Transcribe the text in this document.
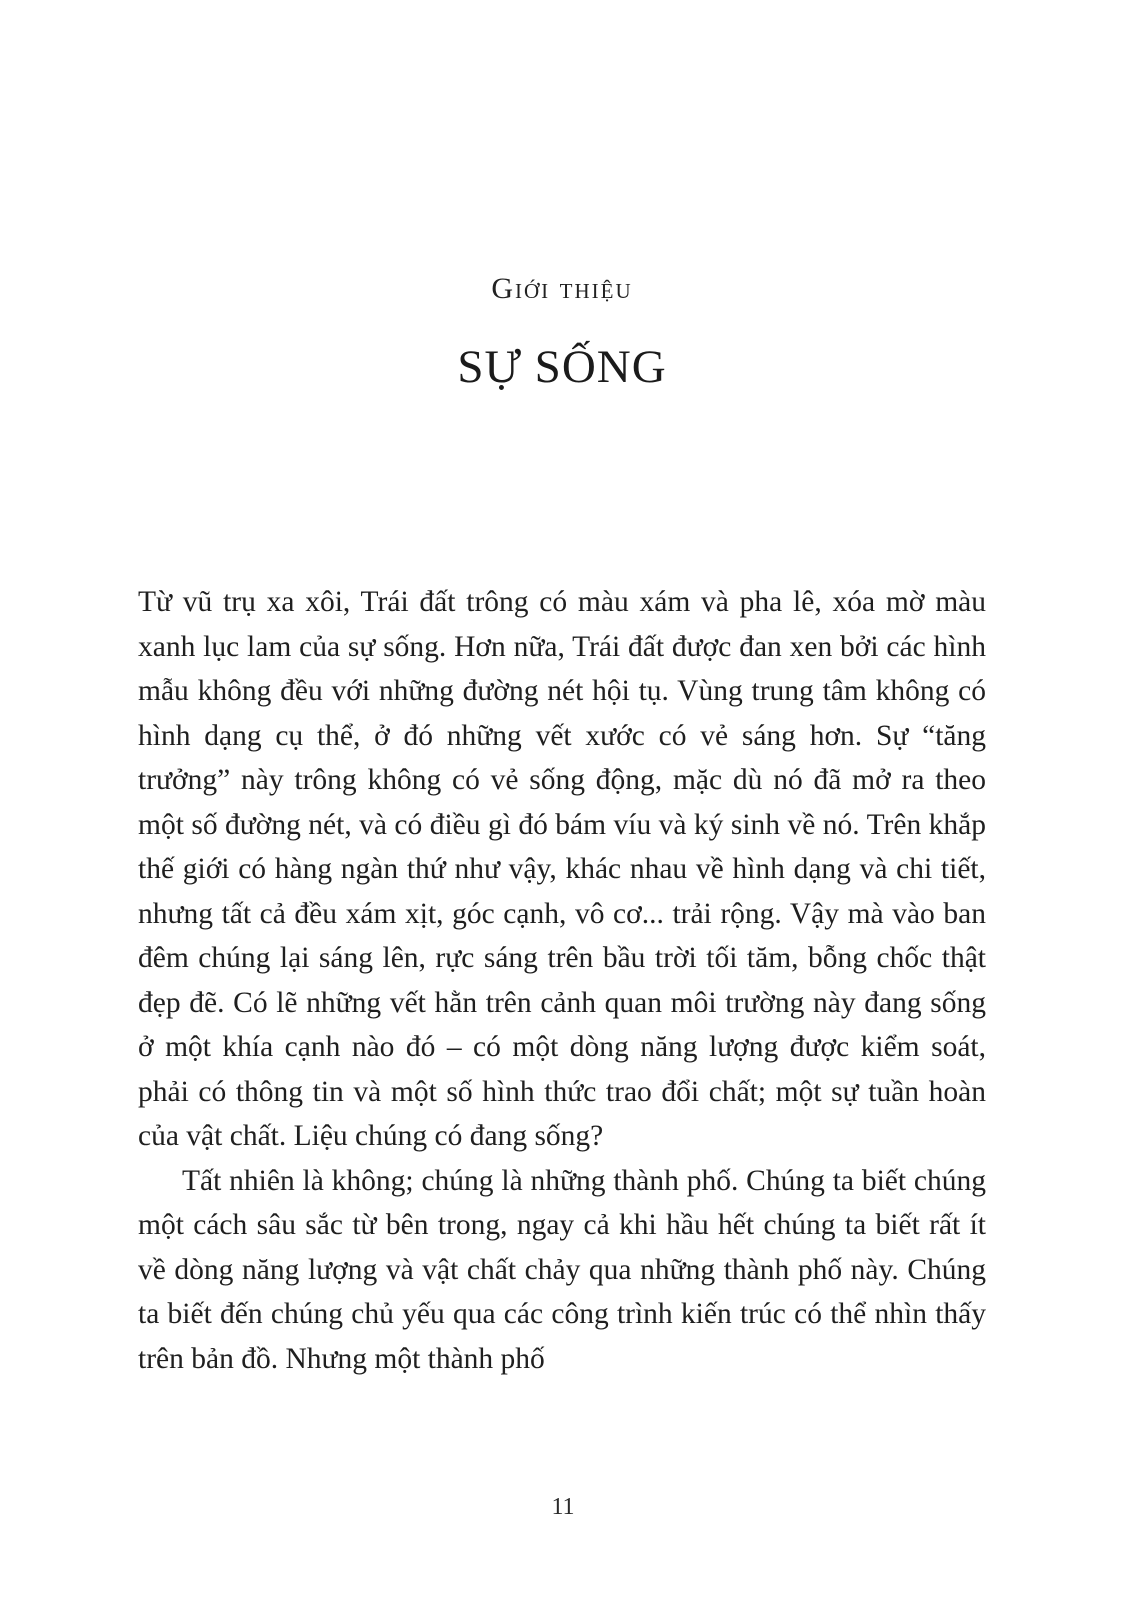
Giới thiệu
SỰ SỐNG

Từ vũ trụ xa xôi, Trái đất trông có màu xám và pha lê, xóa mờ màu xanh lục lam của sự sống. Hơn nữa, Trái đất được đan xen bởi các hình mẫu không đều với những đường nét hội tụ. Vùng trung tâm không có hình dạng cụ thể, ở đó những vết xước có vẻ sáng hơn. Sự “tăng trưởng” này trông không có vẻ sống động, mặc dù nó đã mở ra theo một số đường nét, và có điều gì đó bám víu và ký sinh về nó. Trên khắp thế giới có hàng ngàn thứ như vậy, khác nhau về hình dạng và chi tiết, nhưng tất cả đều xám xịt, góc cạnh, vô cơ... trải rộng. Vậy mà vào ban đêm chúng lại sáng lên, rực sáng trên bầu trời tối tăm, bỗng chốc thật đẹp đẽ. Có lẽ những vết hằn trên cảnh quan môi trường này đang sống ở một khía cạnh nào đó – có một dòng năng lượng được kiểm soát, phải có thông tin và một số hình thức trao đổi chất; một sự tuần hoàn của vật chất. Liệu chúng có đang sống?

Tất nhiên là không; chúng là những thành phố. Chúng ta biết chúng một cách sâu sắc từ bên trong, ngay cả khi hầu hết chúng ta biết rất ít về dòng năng lượng và vật chất chảy qua những thành phố này. Chúng ta biết đến chúng chủ yếu qua các công trình kiến trúc có thể nhìn thấy trên bản đồ. Nhưng một thành phố

11
